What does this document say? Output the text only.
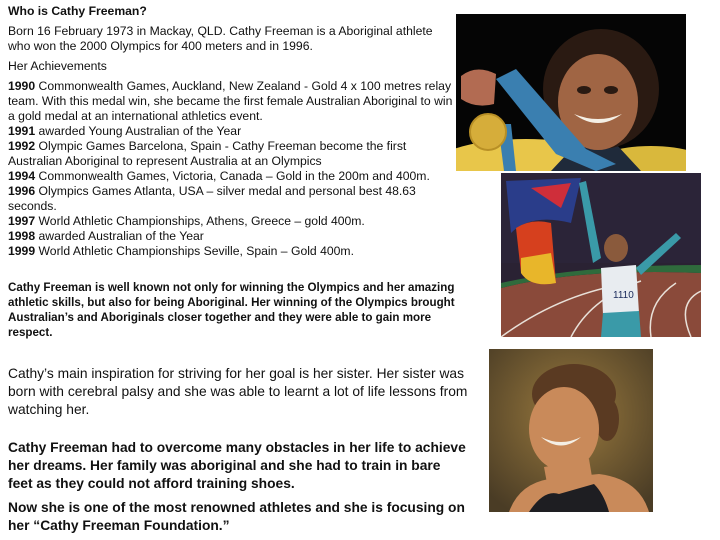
Who is Cathy Freeman?
Born 16 February 1973 in Mackay, QLD. Cathy Freeman is a Aboriginal athlete who won the 2000 Olympics for 400 meters and in 1996.
Her Achievements
1990 Commonwealth Games, Auckland, New Zealand - Gold 4 x 100 metres relay team. With this medal win, she became the first female Australian Aboriginal to win a gold medal at an international athletics event.
1991 awarded Young Australian of the Year
1992 Olympic Games Barcelona, Spain - Cathy Freeman become the first Australian Aboriginal to represent Australia at an Olympics
1994 Commonwealth Games, Victoria, Canada – Gold in the 200m and 400m.
1996 Olympics Games Atlanta, USA – silver medal and personal best 48.63 seconds.
1997 World Athletic Championships, Athens, Greece – gold 400m.
1998 awarded Australian of the Year
1999 World Athletic Championships Seville, Spain – Gold 400m.
Cathy Freeman is well known not only for winning the Olympics and her amazing athletic skills, but also for being Aboriginal. Her winning of the Olympics brought Australian’s and Aboriginals closer together and they were able to gain more respect.
Cathy’s main inspiration for striving for her goal is her sister. Her sister was born with cerebral palsy and she was able to learnt a lot of life lessons from watching her.
Cathy Freeman had to overcome many obstacles in her life to achieve her dreams. Her family was aboriginal and she had to train in bare feet as they could not afford training shoes.
Now she is one of the most renowned athletes and she is focusing on her “Cathy Freeman Foundation.”
1110
